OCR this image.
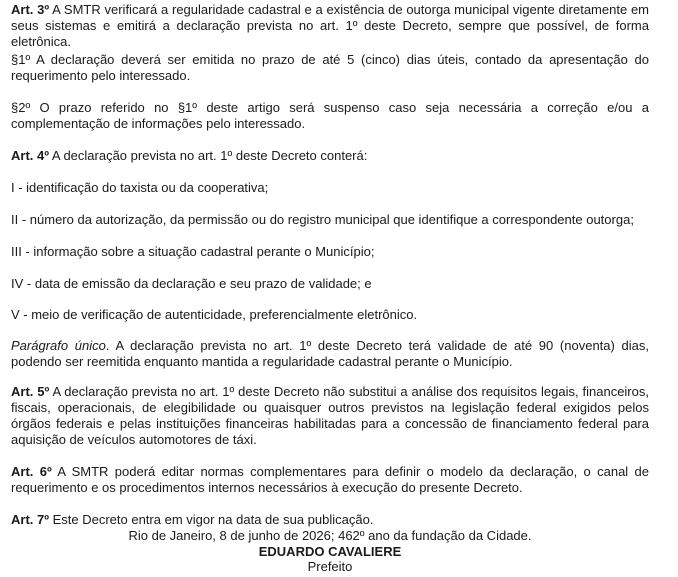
Art. 3º A SMTR verificará a regularidade cadastral e a existência de outorga municipal vigente diretamente em seus sistemas e emitirá a declaração prevista no art. 1º deste Decreto, sempre que possível, de forma eletrônica.

§1º A declaração deverá ser emitida no prazo de até 5 (cinco) dias úteis, contado da apresentação do requerimento pelo interessado.

§2º O prazo referido no §1º deste artigo será suspenso caso seja necessária a correção e/ou a complementação de informações pelo interessado.

Art. 4º A declaração prevista no art. 1º deste Decreto conterá:

I - identificação do taxista ou da cooperativa;

II - número da autorização, da permissão ou do registro municipal que identifique a correspondente outorga;

III - informação sobre a situação cadastral perante o Município;

IV - data de emissão da declaração e seu prazo de validade; e

V - meio de verificação de autenticidade, preferencialmente eletrônico.

Parágrafo único. A declaração prevista no art. 1º deste Decreto terá validade de até 90 (noventa) dias, podendo ser reemitida enquanto mantida a regularidade cadastral perante o Município.

Art. 5º A declaração prevista no art. 1º deste Decreto não substitui a análise dos requisitos legais, financeiros, fiscais, operacionais, de elegibilidade ou quaisquer outros previstos na legislação federal exigidos pelos órgãos federais e pelas instituições financeiras habilitadas para a concessão de financiamento federal para aquisição de veículos automotores de táxi.

Art. 6º A SMTR poderá editar normas complementares para definir o modelo da declaração, o canal de requerimento e os procedimentos internos necessários à execução do presente Decreto.

Art. 7º Este Decreto entra em vigor na data de sua publicação.

Rio de Janeiro, 8 de junho de 2026; 462º ano da fundação da Cidade.

EDUARDO CAVALIERE

Prefeito
